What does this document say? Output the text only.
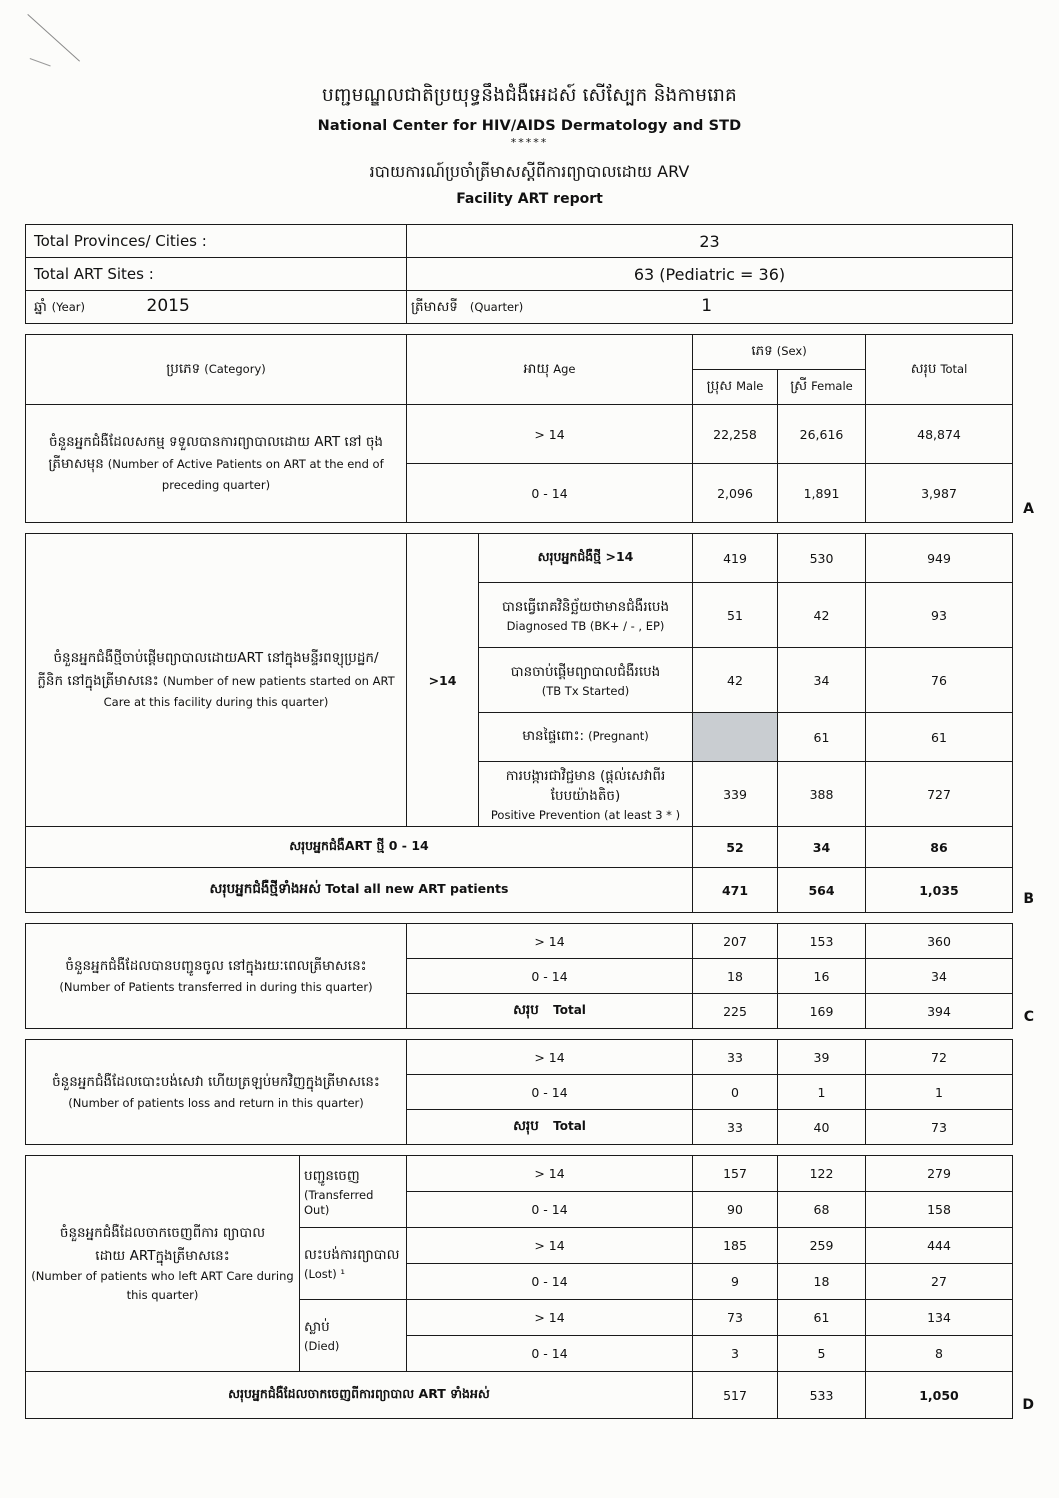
បញ្ជមណ្ឌលជាតិប្រយុទ្ធនឹងជំងឺអេដស៍ សើស្បែក និងកាមរោគ
National Center for HIV/AIDS Dermatology and STD
*****
របាយការណ៍ប្រចាំត្រីមាសស្ដីពីការព្យាបាលដោយ ARV
Facility ART report
Total Provinces/ Cities :	23
Total ART Sites :	63 (Pediatric = 36)
ឆ្នាំ (Year) 2015	ត្រីមាសទី (Quarter) 1
ប្រភេទ (Category)	អាយុ Age	ភេទ (Sex)		សរុប Total
		ប្រុស Male	ស្រី Female	

ចំនួនអ្នកជំងឺដែលសកម្ម ទទួលបានការព្យាបាលដោយ ART នៅ ចុង
ត្រីមាសមុន (Number of Active Patients on ART at the end of preceding quarter)	> 14	22,258	26,616	48,874
	0 - 14	2,096	1,891	3,987
A
ចំនួនអ្នកជំងឺថ្មីចាប់ផ្ដើមព្យាបាលដោយART នៅក្នុងមន្ទីរពទ្យុប្រដ្ឋក/
ក្លីនិក នៅក្នុងត្រីមាសនេះ (Number of new patients started on ART Care at this facility during this quarter)	>14	សរុបអ្នកជំងឺថ្មី >14	419	530	949
		បានធ្វើរោគវិនិច្ឆ័យថាមានជំងឺរបេង
Diagnosed TB (BK+ / - , EP)	51	42	93
		បានចាប់ផ្ដើមព្យាបាលជំងឺរបេង
(TB Tx Started)	42	34	76
		មានផ្ទៃពោះ: (Pregnant)		61	61
		ការបង្ការជាវិជ្ជមាន (ផ្ដល់សេវាពីរបែបយ៉ាងតិច)
Positive Prevention (at least 3 * )	339	388	727
សរុបអ្នកជំងឺART ថ្មី 0 - 14			52	34	86
សរុបអ្នកជំងឺថ្មីទាំងអស់ Total all new ART patients			471	564	1,035
B
ចំនួនអ្នកជំងឺដែលបានបញ្ជូនចូល នៅក្នុងរយៈពេលត្រីមាសនេះ
(Number of Patients transferred in during this quarter)	> 14	207	153	360
	0 - 14	18	16	34
	សរុប Total	225	169	394	C
ចំនួនអ្នកជំងឺដែលបោះបង់សេវា ហើយត្រឡប់មកវិញក្នុងត្រីមាសនេះ
(Number of patients loss and return in this quarter)	> 14	33	39	72
	0 - 14	0	1	1
	សរុប Total	33	40	73
ចំនួនអ្នកជំងឺដែលចាកចេញពីការ ព្យាបាល
ដោយ ARTក្នុងត្រីមាសនេះ
(Number of patients who left ART Care during this quarter)	បញ្ជូនចេញ
(Transferred Out)	> 14	157	122	279
		0 - 14	90	68	158
	លះបង់ការព្យាបាល
(Lost) ¹	> 14	185	259	444
		0 - 14	9	18	27
	ស្លាប់
(Died)	> 14	73	61	134
		0 - 14	3	5	8
សរុបអ្នកជំងឺដែលចាកចេញពីការព្យាបាល ART ទាំងអស់			517	533	1,050
D
